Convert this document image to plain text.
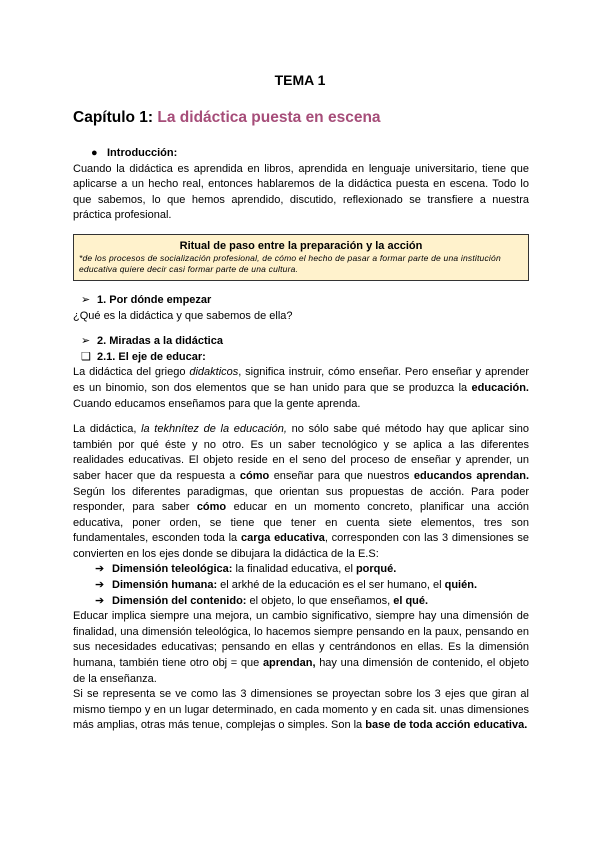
TEMA 1
Capítulo 1: La didáctica puesta en escena
● Introducción:

Cuando la didáctica es aprendida en libros, aprendida en lenguaje universitario, tiene que aplicarse a un hecho real, entonces hablaremos de la didáctica puesta en escena. Todo lo que sabemos, lo que hemos aprendido, discutido, reflexionado se transfiere a nuestra práctica profesional.

Ritual de paso entre la preparación y la acción
*de los procesos de socialización profesional, de cómo el hecho de pasar a formar parte de una institución educativa quiere decir casi formar parte de una cultura.
➢ 1. Por dónde empezar

¿Qué es la didáctica y que sabemos de ella?

➢ 2. Miradas a la didáctica
❑ 2.1. El eje de educar:

La didáctica del griego didakticos, significa instruir, cómo enseñar. Pero enseñar y aprender es un binomio, son dos elementos que se han unido para que se produzca la educación. Cuando educamos enseñamos para que la gente aprenda.

La didáctica, la tekhnítez de la educación, no sólo sabe qué método hay que aplicar sino también por qué éste y no otro. Es un saber tecnológico y se aplica a las diferentes realidades educativas. El objeto reside en el seno del proceso de enseñar y aprender, un saber hacer que da respuesta a cómo enseñar para que nuestros educandos aprendan. Según los diferentes paradigmas, que orientan sus propuestas de acción. Para poder responder, para saber cómo educar en un momento concreto, planificar una acción educativa, poner orden, se tiene que tener en cuenta siete elementos, tres son fundamentales, esconden toda la carga educativa, corresponden con las 3 dimensiones se convierten en los ejes donde se dibujara la didáctica de la E.S:

➔ Dimensión teleológica: la finalidad educativa, el porqué.
➔ Dimensión humana: el arkhé de la educación es el ser humano, el quién.
➔ Dimensión del contenido: el objeto, lo que enseñamos, el qué.

Educar implica siempre una mejora, un cambio significativo, siempre hay una dimensión de finalidad, una dimensión teleológica, lo hacemos siempre pensando en la paux, pensando en sus necesidades educativas; pensando en ellas y centrándonos en ellas. Es la dimensión humana, también tiene otro obj = que aprendan, hay una dimensión de contenido, el objeto de la enseñanza.

Si se representa se ve como las 3 dimensiones se proyectan sobre los 3 ejes que giran al mismo tiempo y en un lugar determinado, en cada momento y en cada sit. unas dimensiones más amplias, otras más tenue, complejas o simples. Son la base de toda acción educativa.
